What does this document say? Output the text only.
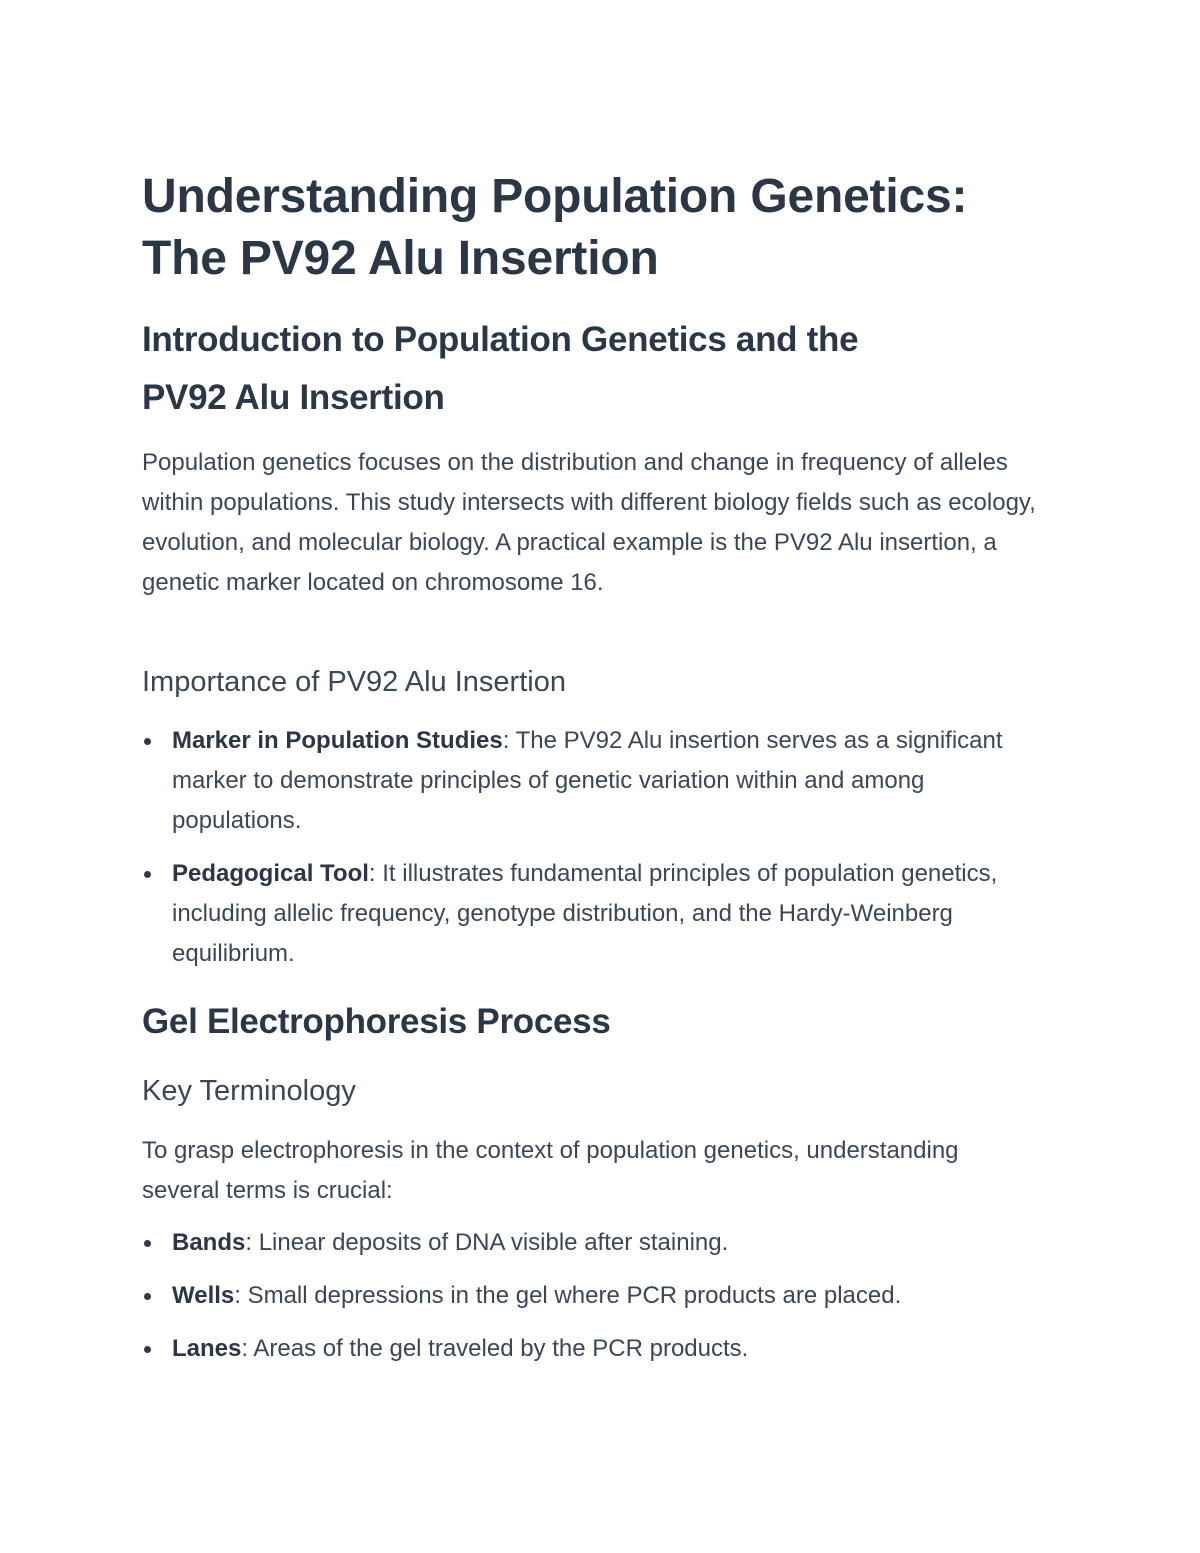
Understanding Population Genetics:
The PV92 Alu Insertion
Introduction to Population Genetics and the
PV92 Alu Insertion

Population genetics focuses on the distribution and change in frequency of alleles within populations. This study intersects with different biology fields such as ecology, evolution, and molecular biology. A practical example is the PV92 Alu insertion, a genetic marker located on chromosome 16.

Importance of PV92 Alu Insertion
Marker in Population Studies: The PV92 Alu insertion serves as a significant marker to demonstrate principles of genetic variation within and among populations.
Pedagogical Tool: It illustrates fundamental principles of population genetics, including allelic frequency, genotype distribution, and the Hardy-Weinberg equilibrium.
Gel Electrophoresis Process
Key Terminology

To grasp electrophoresis in the context of population genetics, understanding several terms is crucial:

Bands: Linear deposits of DNA visible after staining.
Wells: Small depressions in the gel where PCR products are placed.
Lanes: Areas of the gel traveled by the PCR products.
